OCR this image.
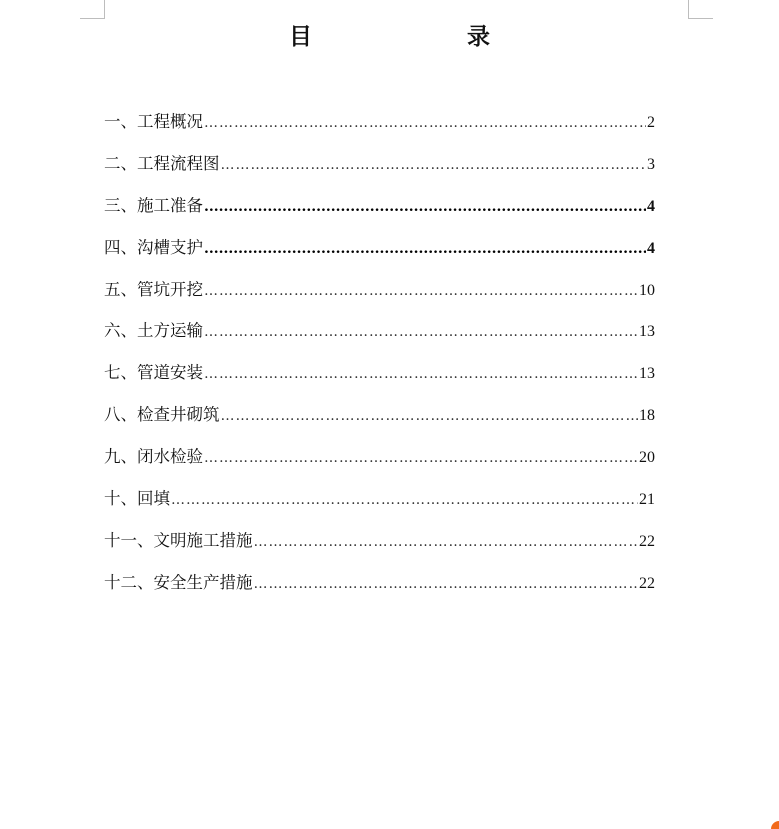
目　录
一、工程概况 ………………………………………………………………………………………………………………………………………………………………………………	2
二、工程流程图 ………………………………………………………………………………………………………………………………………………………………………………	3
三、施工准备 .....	4
四、沟槽支护 .....	4
五、管坑开挖 ………………………………………………………………………………………………………………………………………………………………………………	10
六、土方运输 ………………………………………………………………………………………………………………………………………………………………………………	13
七、管道安装 ………………………………………………………………………………………………………………………………………………………………………………	13
八、检查井砌筑 ………………………………………………………………………………………………………………………………………………………………………………	18
九、闭水检验 ………………………………………………………………………………………………………………………………………………………………………………	20
十、回填 ………………………………………………………………………………………………………………………………………………………………………………	21
十一、文明施工措施 ………………………………………………………………………………………………………………………………………………………………………………	22
十二、安全生产措施 ………………………………………………………………………………………………………………………………………………………………………………	22
